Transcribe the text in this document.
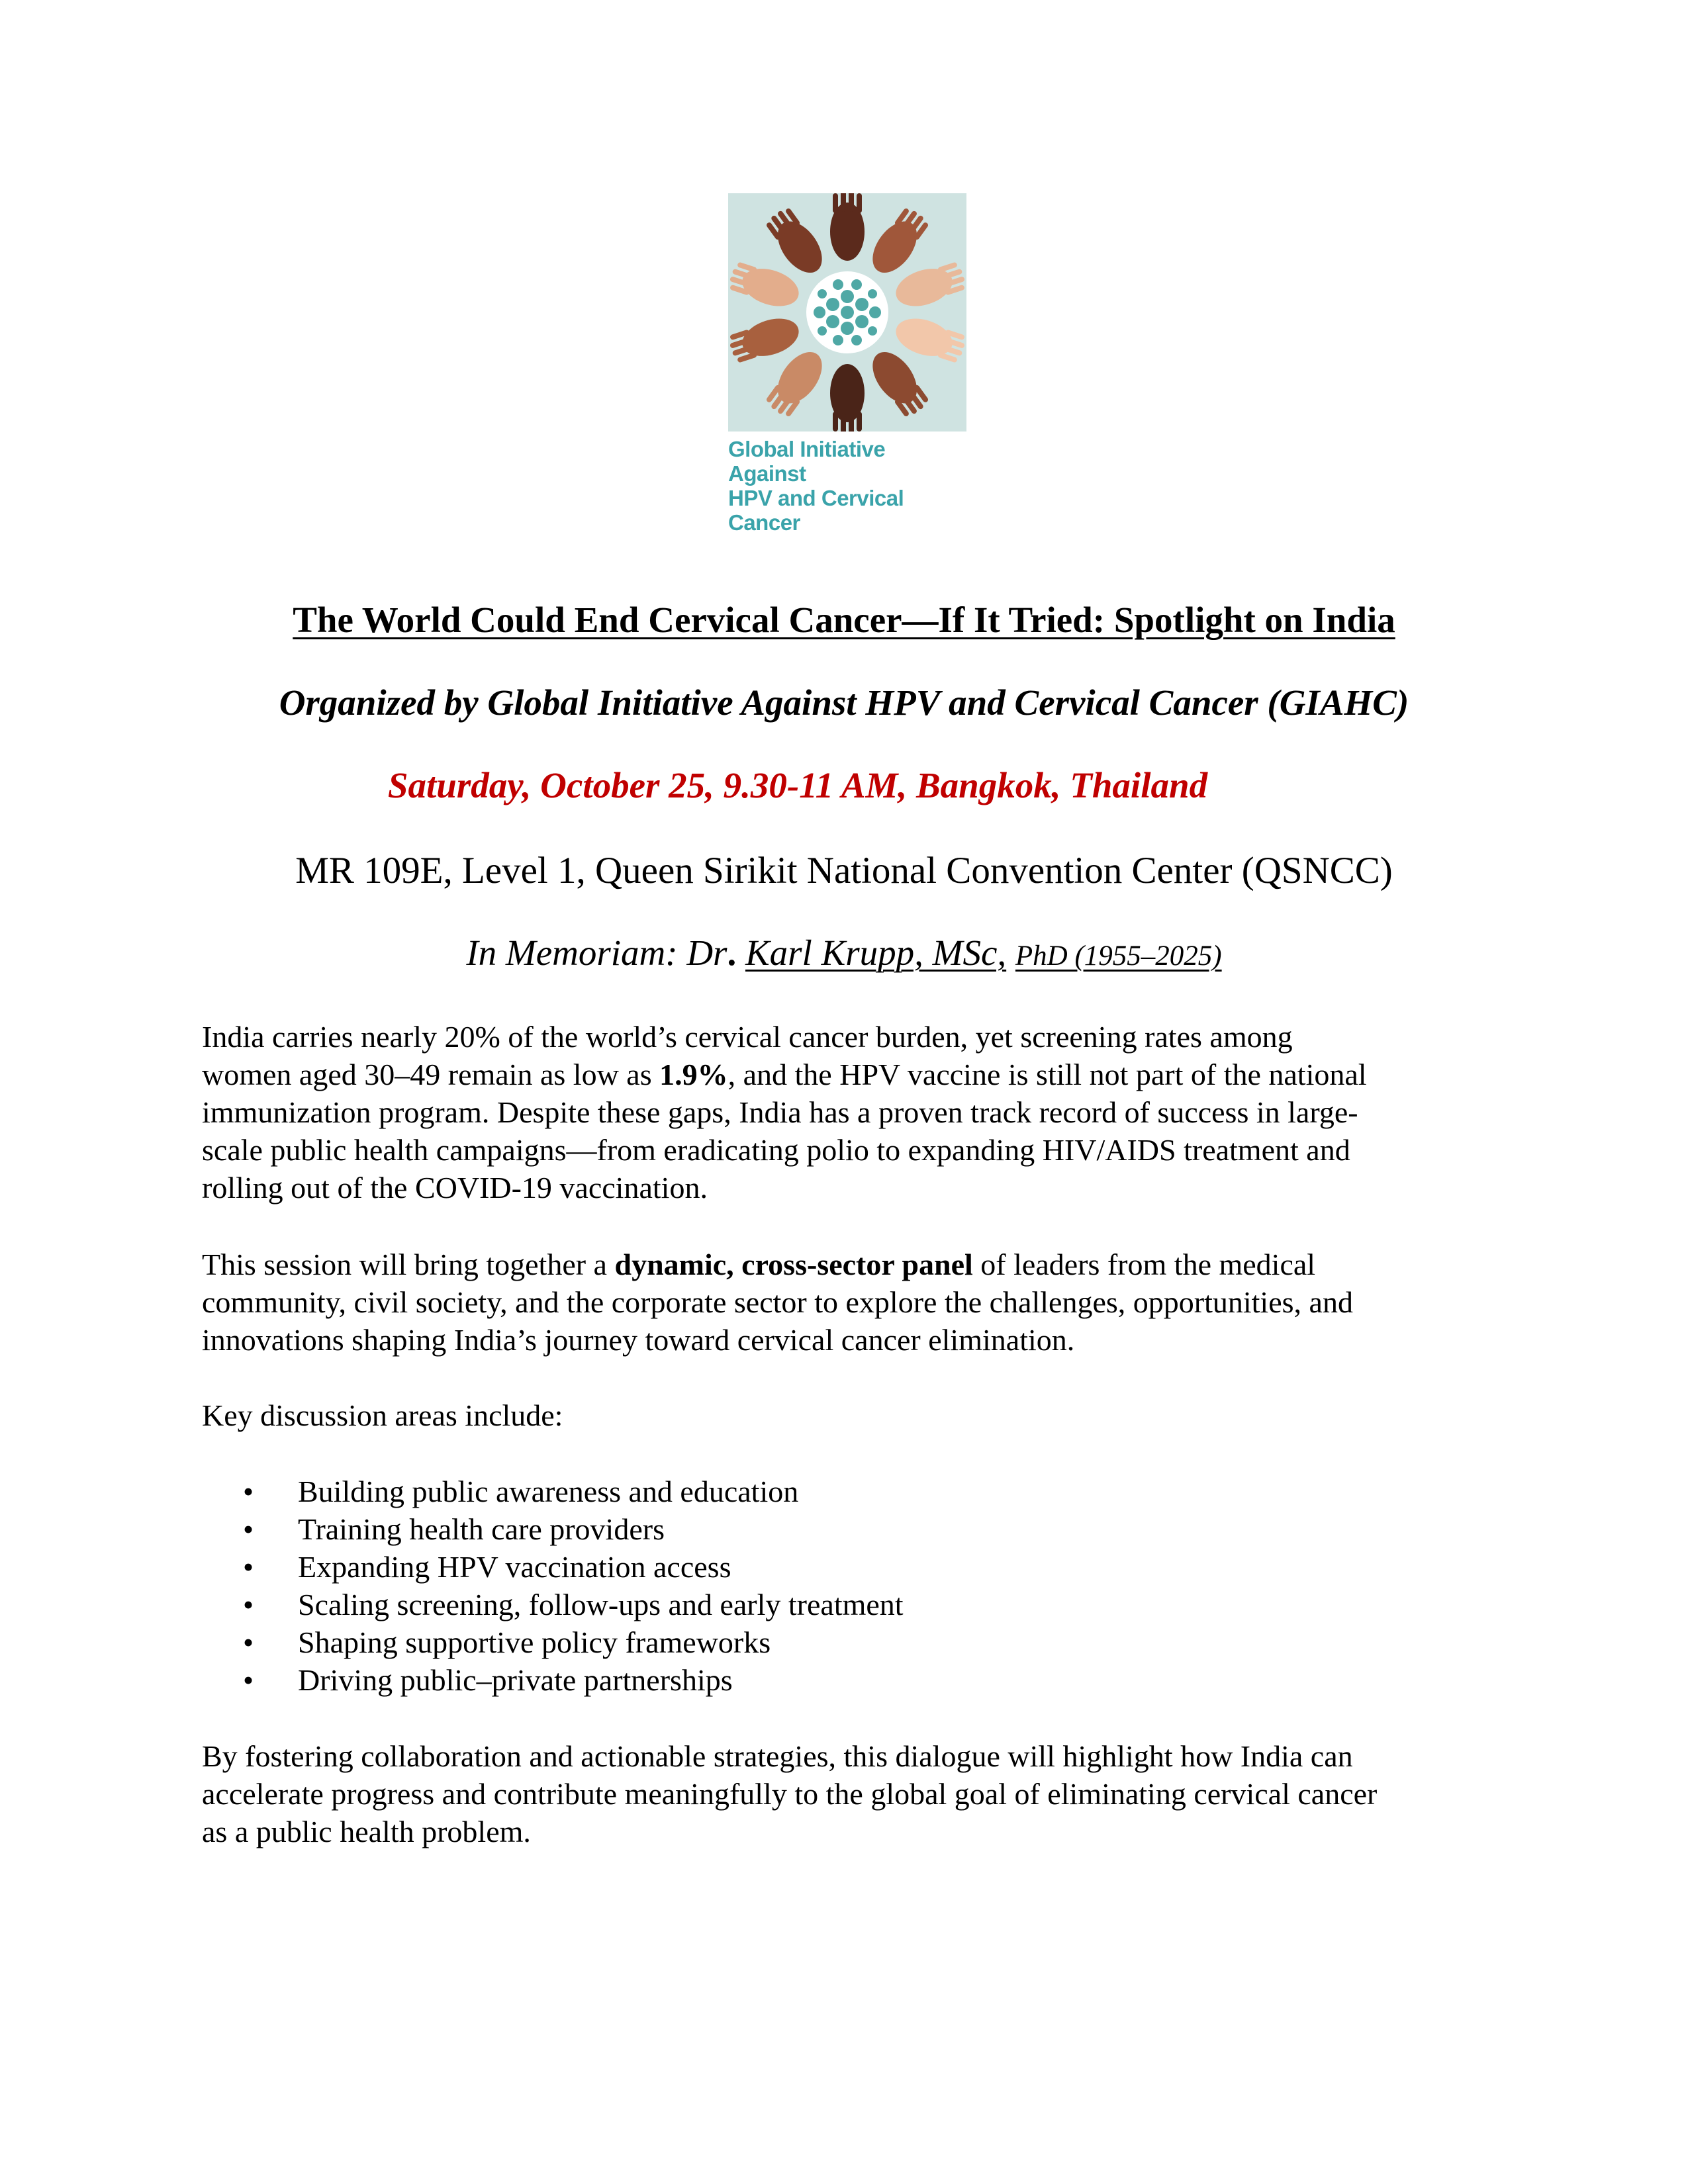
Global Initiative Against
HPV and Cervical Cancer
The World Could End Cervical Cancer—If It Tried: Spotlight on India
Organized by Global Initiative Against HPV and Cervical Cancer (GIAHC)
Saturday, October 25, 9.30-11 AM, Bangkok, Thailand
MR 109E, Level 1, Queen Sirikit National Convention Center (QSNCC)
In Memoriam: Dr. Karl Krupp, MSc, PhD (1955–2025)
India carries nearly 20% of the world’s cervical cancer burden, yet screening rates among
women aged 30–49 remain as low as 1.9%, and the HPV vaccine is still not part of the national
immunization program. Despite these gaps, India has a proven track record of success in large-
scale public health campaigns—from eradicating polio to expanding HIV/AIDS treatment and
rolling out of the COVID-19 vaccination.
This session will bring together a dynamic, cross-sector panel of leaders from the medical
community, civil society, and the corporate sector to explore the challenges, opportunities, and
innovations shaping India’s journey toward cervical cancer elimination.
Key discussion areas include:
• Building public awareness and education
• Training health care providers
• Expanding HPV vaccination access
• Scaling screening, follow-ups and early treatment
• Shaping supportive policy frameworks
• Driving public–private partnerships
By fostering collaboration and actionable strategies, this dialogue will highlight how India can
accelerate progress and contribute meaningfully to the global goal of eliminating cervical cancer
as a public health problem.
